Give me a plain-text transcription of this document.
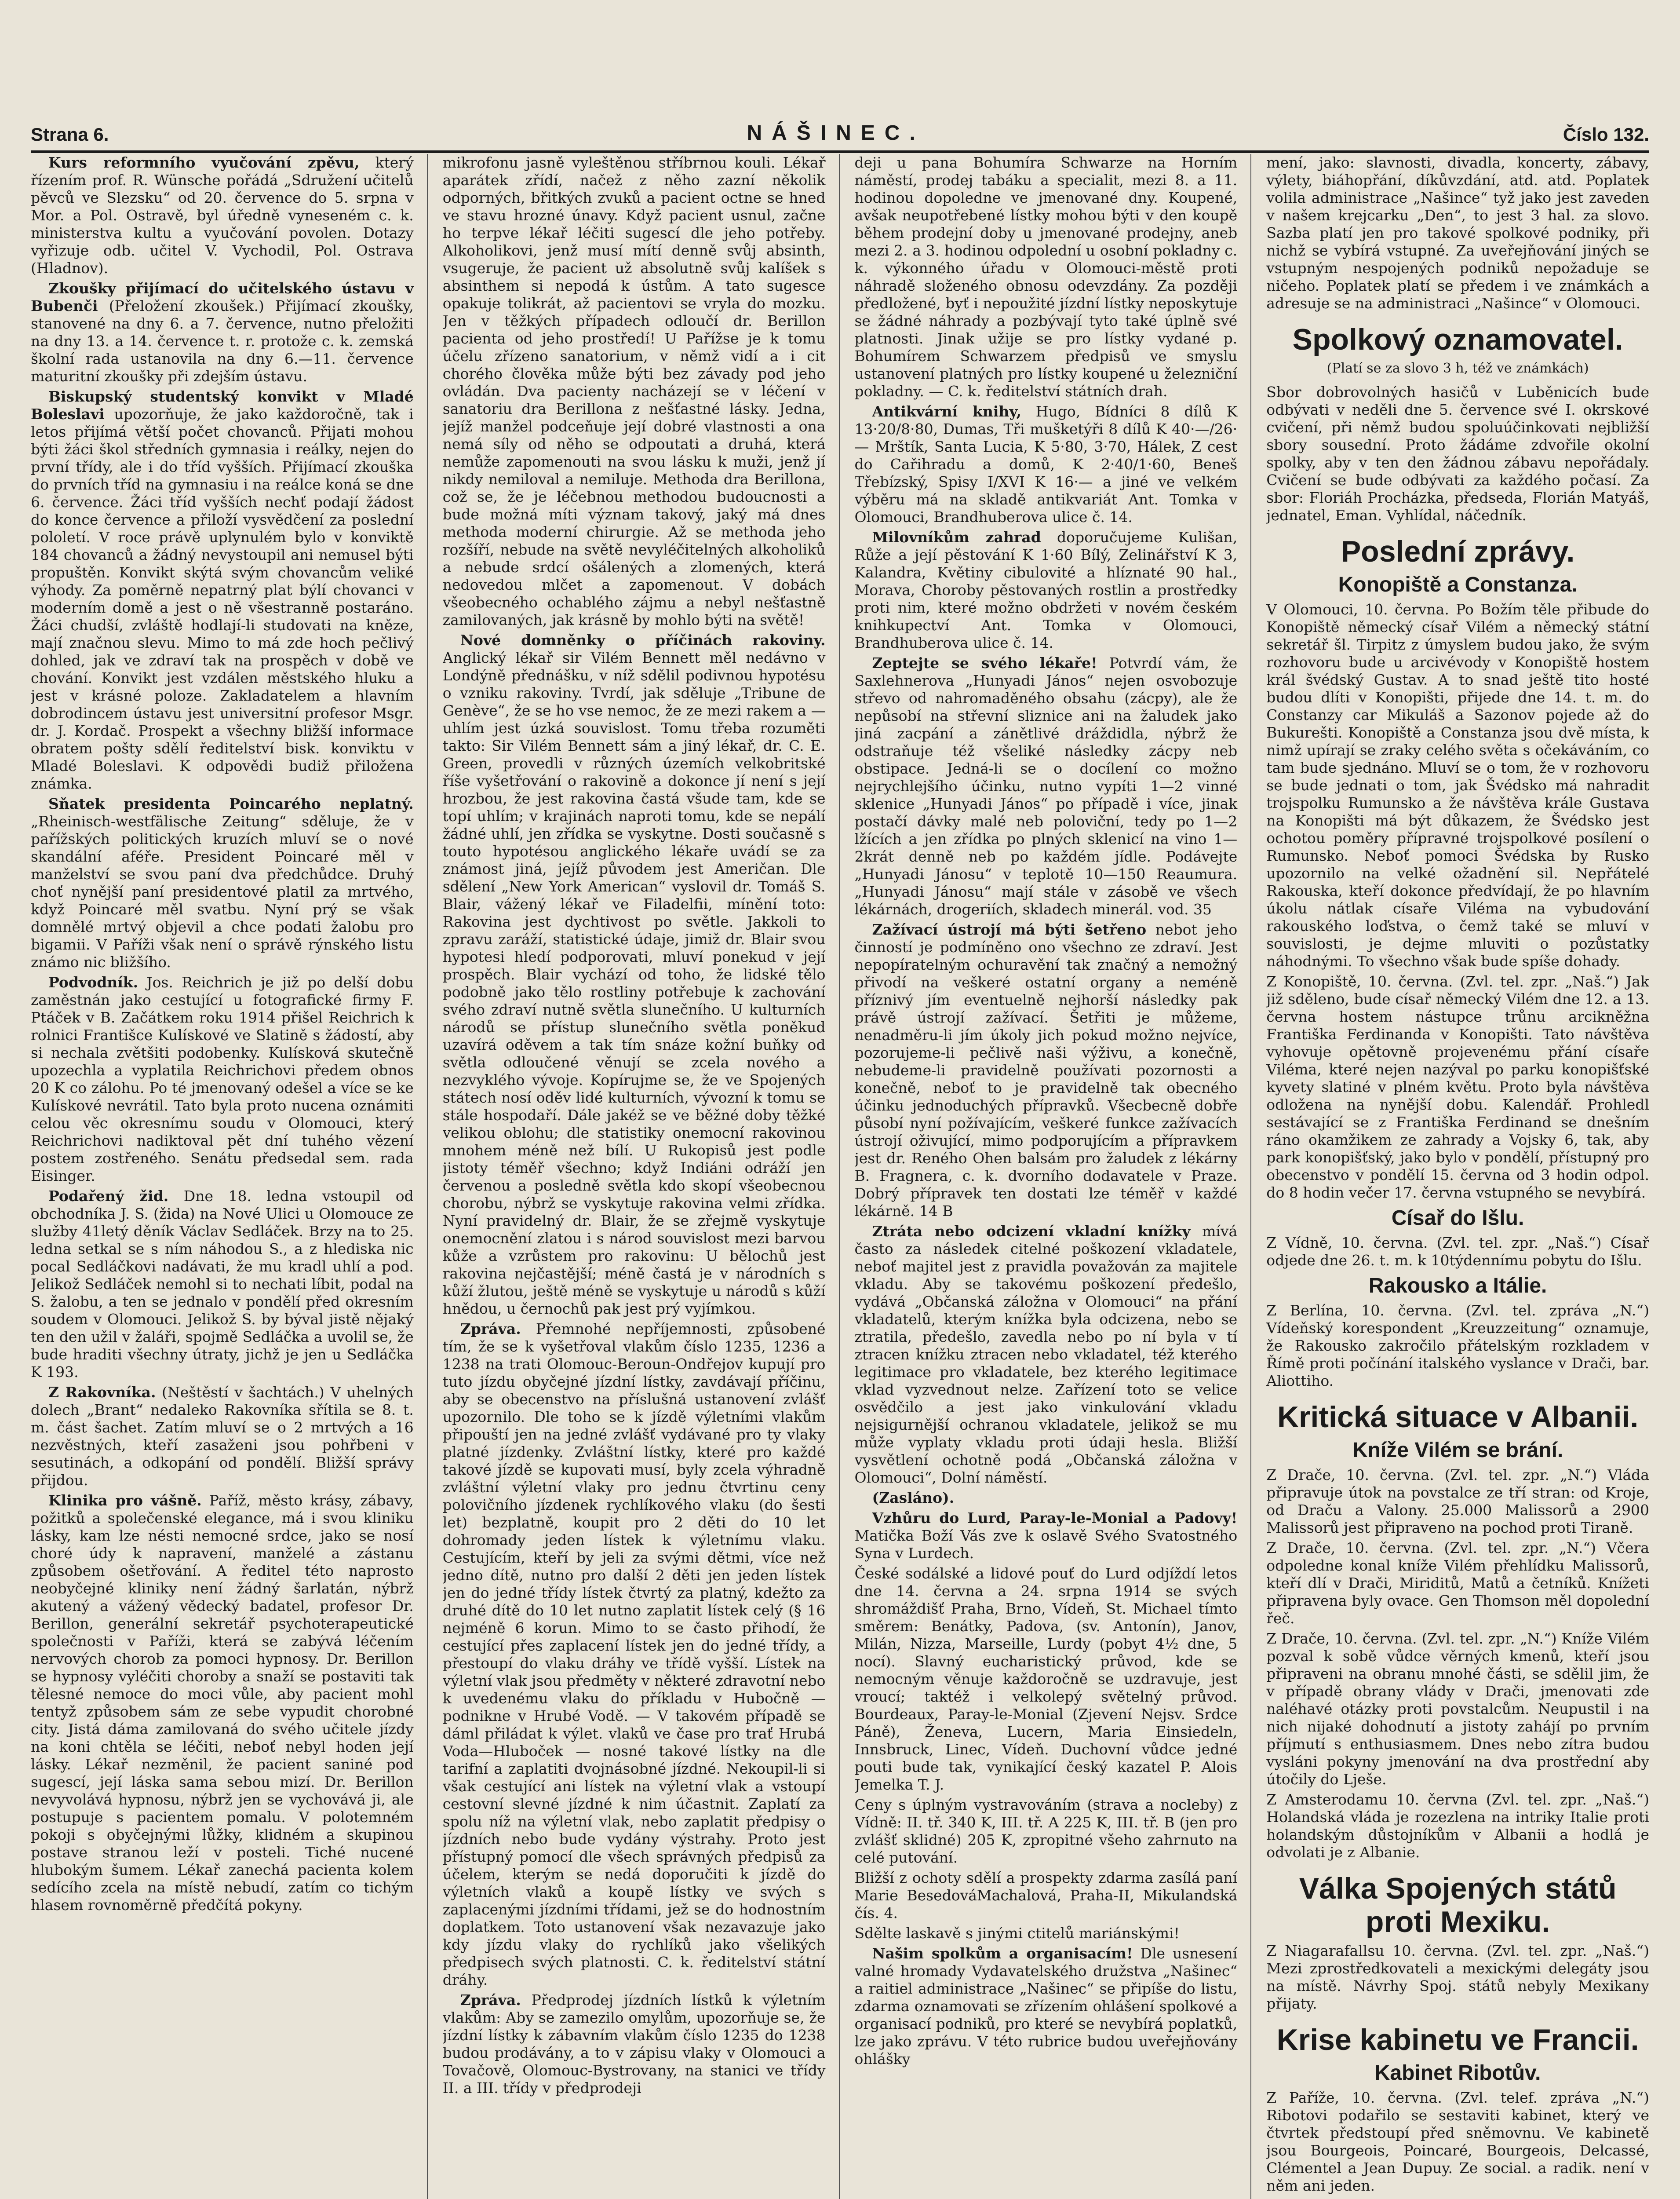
Strana 6.	NÁŠINEC.	Číslo 132.

Kurs reformního vyučování zpěvu, který řízením prof. R. Wünsche pořádá „Sdružení učitelů pěvců ve Slezsku“ od 20. července do 5. srpna v Mor. a Pol. Ostravě, byl úředně vyneseném c. k. ministerstva kultu a vyučování povolen. Dotazy vyřizuje odb. učitel V. Vychodil, Pol. Ostrava (Hladnov).

Zkoušky přijímací do učitelského ústavu v Bubenči (Přeložení zkoušek.) Přijímací zkoušky, stanovené na dny 6. a 7. července, nutno přeložiti na dny 13. a 14. července t. r. protože c. k. zemská školní rada ustanovila na dny 6.—11. července maturitní zkoušky při zdejším ústavu.

Biskupský studentský konvikt v Mladé Boleslavi upozorňuje, že jako každoročně, tak i letos přijímá větší počet chovanců. Přijati mohou býti žáci škol středních gymnasia i reálky, nejen do první třídy, ale i do tříd vyšších. Přijímací zkouška do prvních tříd na gymnasiu i na reálce koná se dne 6. července. Žáci tříd vyšších nechť podají žádost do konce července a přiloží vysvědčení za poslední pololetí. V roce právě uplynulém bylo v konviktě 184 chovanců a žádný nevystoupil ani nemusel býti propuštěn. Konvikt skýtá svým chovancům veliké výhody. Za poměrně nepatrný plat býlí chovanci v moderním domě a jest o ně všestranně postaráno. Žáci chudší, zvláště hodlají-li studovati na kněze, mají značnou slevu. Mimo to má zde hoch pečlivý dohled, jak ve zdraví tak na prospěch v době ve chování. Konvikt jest vzdálen městského hluku a jest v krásné poloze. Zakladatelem a hlavním dobrodincem ústavu jest universitní profesor Msgr. dr. J. Kordač. Prospekt a všechny bližší informace obratem pošty sdělí ředitelství bisk. konviktu v Mladé Boleslavi. K odpovědi budiž přiložena známka.

Sňatek presidenta Poincarého neplatný. „Rheinisch-westfälische Zeitung“ sděluje, že v pařížských politických kruzích mluví se o nové skandální aféře. President Poincaré měl v manželství se svou paní dva předchůdce. Druhý choť nynější paní presidentové platil za mrtvého, když Poincaré měl svatbu. Nyní prý se však domnělé mrtvý objevil a chce podati žalobu pro bigamii. V Paříži však není o správě rýnského listu známo nic bližšího.

Podvodník. Jos. Reichrich je již po delší dobu zaměstnán jako cestující u fotografické firmy F. Ptáček v B. Začátkem roku 1914 přišel Reichrich k rolnici Františce Kulískové ve Slatině s žádostí, aby si nechala zvětšiti podobenky. Kulísková skutečně upozechla a vyplatila Reichrichovi předem obnos 20 K co zálohu. Po té jmenovaný odešel a více se ke Kulískové nevrátil. Tato byla proto nucena oznámiti celou věc okresnímu soudu v Olomouci, který Reichrichovi nadiktoval pět dní tuhého vězení postem zostřeného. Senátu předsedal sem. rada Eisinger.

Podařený žid. Dne 18. ledna vstoupil od obchodníka J. S. (žida) na Nové Ulici u Olomouce ze služby 41letý děník Václav Sedláček. Brzy na to 25. ledna setkal se s ním náhodou S., a z hlediska nic pocal Sedláčkovi nadávati, že mu kradl uhlí a pod. Jelikož Sedláček nemohl si to nechati líbit, podal na S. žalobu, a ten se jednalo v pondělí před okresním soudem v Olomouci. Jelikož S. by býval jistě nějaký ten den užil v žaláři, spojmě Sedláčka a uvolil se, že bude hraditi všechny útraty, jichž je jen u Sedláčka K 193.

Z Rakovníka. (Neštěstí v šachtách.) V uhelných dolech „Brant“ nedaleko Rakovníka sřítila se 8. t. m. část šachet. Zatím mluví se o 2 mrtvých a 16 nezvěstných, kteří zasaženi jsou pohřbeni v sesutinách, a odkopání od pondělí. Bližší správy přijdou.

Klinika pro vášně. Paříž, město krásy, zábavy, požitků a společenské elegance, má i svou kliniku lásky, kam lze nésti nemocné srdce, jako se nosí choré údy k napravení, manželé a zástanu způsobem ošetřování. A ředitel této naprosto neobyčejné kliniky není žádný šarlatán, nýbrž akutený a vážený vědecký badatel, profesor Dr. Berillon, generální sekretář psychoterapeutické společnosti v Paříži, která se zabývá léčením nervových chorob za pomoci hypnosy. Dr. Berillon se hypnosy vyléčiti choroby a snaží se postaviti tak tělesné nemoce do moci vůle, aby pacient mohl tentyž způsobem sám ze sebe vypudit chorobné city. Jistá dáma zamilovaná do svého učitele jízdy na koni chtěla se léčiti, neboť nebyl hoden její lásky. Lékař nezměnil, že pacient saniné pod sugescí, její láska sama sebou mizí. Dr. Berillon nevyvolává hypnosu, nýbrž jen se vychovává ji, ale postupuje s pacientem pomalu. V polotemném pokoji s obyčejnými lůžky, klidném a skupinou postave stranou leží v posteli. Tiché nucené hlubokým šumem. Lékař zanechá pacienta kolem sedícího zcela na místě nebudí, zatím co tichým hlasem rovnoměrně předčítá pokyny.

mikrofonu jasně vyleštěnou stříbrnou kouli. Lékař aparátek zřídí, načež z něho zazní několik odporných, břitkých zvuků a pacient octne se hned ve stavu hrozné únavy. Když pacient usnul, začne ho terpve lékař léčiti sugescí dle jeho potřeby. Alkoholikovi, jenž musí mítí denně svůj absinth, vsugeruje, že pacient už absolutně svůj kalíšek s absinthem si nepodá k ústům. A tato sugesce opakuje tolikrát, až pacientovi se vryla do mozku. Jen v těžkých případech odloučí dr. Berillon pacienta od jeho prostředí! U Pařížse je k tomu účelu zřízeno sanatorium, v němž vidí a i cit chorého člověka může býti bez závady pod jeho ovládán. Dva pacienty nacházejí se v léčení v sanatoriu dra Berillona z nešťastné lásky. Jedna, jejíž manžel podceňuje její dobré vlastnosti a ona nemá síly od něho se odpoutati a druhá, která nemůže zapomenouti na svou lásku k muži, jenž jí nikdy nemiloval a nemiluje. Methoda dra Berillona, což se, že je léčebnou methodou budoucnosti a bude možná míti význam takový, jaký má dnes methoda moderní chirurgie. Až se methoda jeho rozšíří, nebude na světě nevyléčitelných alkoholiků a nebude srdcí ošálených a zlomených, která nedovedou mlčet a zapomenout. V dobách všeobecného ochablého zájmu a nebyl nešťastně zamilovaných, jak krásně by mohlo býti na světě!

Nové domněnky o příčinách rakoviny. Anglický lékař sir Vilém Bennett měl nedávno v Londýně přednášku, v níž sdělil podivnou hypotésu o vzniku rakoviny. Tvrdí, jak sděluje „Tribune de Genève“, že se ho vse nemoc, že ze mezi rakem a — uhlím jest úzká souvislost. Tomu třeba rozuměti takto: Sir Vilém Bennett sám a jiný lékař, dr. C. E. Green, provedli v různých územích velkobritské říše vyšetřování o rakovině a dokonce jí není s její hrozbou, že jest rakovina častá všude tam, kde se topí uhlím; v krajinách naproti tomu, kde se nepálí žádné uhlí, jen zřídka se vyskytne. Dosti současně s touto hypotésou anglického lékaře uvádí se za známost jiná, jejíž původem jest Američan. Dle sdělení „New York American“ vyslovil dr. Tomáš S. Blair, vážený lékař ve Filadelfii, mínění toto: Rakovina jest dychtivost po světle. Jakkoli to zpravu zaráží, statistické údaje, jimiž dr. Blair svou hypotesi hledí podporovati, mluví ponekud v její prospěch. Blair vychází od toho, že lidské tělo podobně jako tělo rostliny potřebuje k zachování svého zdraví nutně světla slunečního. U kulturních národů se přístup slunečního světla poněkud uzavírá oděvem a tak tím snáze kožní buňky od světla odloučené věnují se zcela nového a nezvyklého vývoje. Kopírujme se, že ve Spojených státech nosí oděv lidé kulturních, vývozní k tomu se stále hospodaří. Dále jakéž se ve běžné doby těžké velikou oblohu; dle statistiky onemocní rakovinou mnohem méně než bílí. U Rukopisů jest podle jistoty téměř všechno; když Indiáni odráží jen červenou a posledně světla kdo skopí všeobecnou chorobu, nýbrž se vyskytuje rakovina velmi zřídka. Nyní pravidelný dr. Blair, že se zřejmě vyskytuje onemocnění zlatou i s národ souvislost mezi barvou kůže a vzrůstem pro rakovinu: U bělochů jest rakovina nejčastější; méně častá je v národních s kůží žlutou, ještě méně se vyskytuje u národů s kůží hnědou, u černochů pak jest prý vyjímkou.

Zpráva. Přemnohé nepříjemnosti, způsobené tím, že se k vyšetřoval vlakům číslo 1235, 1236 a 1238 na trati Olomouc-Beroun-Ondřejov kupují pro tuto jízdu obyčejné jízdní lístky, zavdávají příčinu, aby se obecenstvo na příslušná ustanovení zvlášť upozornilo. Dle toho se k jízdě výletními vlakům připouští jen na jedné zvlášť vydávané pro ty vlaky platné jízdenky. Zvláštní lístky, které pro každé takové jízdě se kupovati musí, byly zcela výhradně zvláštní výletní vlaky pro jednu čtvrtinu ceny polovičního jízdenek rychlíkového vlaku (do šesti let) bezplatně, koupit pro 2 děti do 10 let dohromady jeden lístek k výletnímu vlaku. Cestujícím, kteří by jeli za svými dětmi, více než jedno dítě, nutno pro další 2 děti jen jeden lístek jen do jedné třídy lístek čtvrtý za platný, kdežto za druhé dítě do 10 let nutno zaplatit lístek celý (§ 16 nejméně 6 korun. Mimo to se často přihodí, že cestující přes zaplacení lístek jen do jedné třídy, a přestoupí do vlaku dráhy ve třídě vyšší. Lístek na výletní vlak jsou předměty v některé zdravotní nebo k uvedenému vlaku do příkladu v Hubočně — podnikne v Hrubé Vodě. — V takovém případě se dáml přiládat k výlet. vlaků ve čase pro trať Hrubá Voda—Hluboček — nosné takové lístky na dle tarifní a zaplatiti dvojnásobné jízdné. Nekoupil-li si však cestující ani lístek na výletní vlak a vstoupí cestovní slevné jízdné k nim účastnit. Zaplatí za spolu níž na výletní vlak, nebo zaplatit předpisy o jízdních nebo bude vydány výstrahy. Proto jest přístupný pomocí dle všech správných předpisů za účelem, kterým se nedá doporučiti k jízdě do výletních vlaků a koupě lístky ve svých s zaplacenými jízdními třídami, jež se do hodnostním doplatkem. Toto ustanovení však nezavazuje jako kdy jízdu vlaky do rychlíků jako všelikých předpisech svých platnosti. C. k. ředitelství státní dráhy.

Zpráva. Předprodej jízdních lístků k výletním vlakům: Aby se zamezilo omylům, upozorňuje se, že jízdní lístky k zábavním vlakům číslo 1235 do 1238 budou prodávány, a to v zápisu vlaky v Olomouci a Tovačově, Olomouc-Bystrovany, na stanici ve třídy II. a III. třídy v předprodeji

deji u pana Bohumíra Schwarze na Horním náměstí, prodej tabáku a specialit, mezi 8. a 11. hodinou dopoledne ve jmenované dny. Koupené, avšak neupotřebené lístky mohou býti v den koupě během prodejní doby u jmenované prodejny, aneb mezi 2. a 3. hodinou odpolední u osobní pokladny c. k. výkonného úřadu v Olomouci-městě proti náhradě složeného obnosu odevzdány. Za později předložené, byť i nepoužité jízdní lístky neposkytuje se žádné náhrady a pozbývají tyto také úplně své platnosti. Jinak užije se pro lístky vydané p. Bohumírem Schwarzem předpisů ve smyslu ustanovení platných pro lístky koupené u železniční pokladny. — C. k. ředitelství státních drah.

Antikvární knihy, Hugo, Bídníci 8 dílů K 13·20/8·80, Dumas, Tři mušketýři 8 dílů K 40·—/26·— Mrštík, Santa Lucia, K 5·80, 3·70, Hálek, Z cest do Cařihradu a domů, K 2·40/1·60, Beneš Třebízský, Spisy I/XVI K 16·— a jiné ve velkém výběru má na skladě antikvariát Ant. Tomka v Olomouci, Brandhuberova ulice č. 14.

Milovníkům zahrad doporučujeme Kulišan, Růže a její pěstování K 1·60 Bílý, Zelinářství K 3, Kalandra, Květiny cibulovité a hlíznaté 90 hal., Morava, Choroby pěstovaných rostlin a prostředky proti nim, které možno obdržeti v novém českém knihkupectví Ant. Tomka v Olomouci, Brandhuberova ulice č. 14.

Zeptejte se svého lékaře! Potvrdí vám, že Saxlehnerova „Hunyadi János“ nejen osvobozuje střevo od nahromaděného obsahu (zácpy), ale že nepůsobí na střevní sliznice ani na žaludek jako jiná zacpání a zánětlivé dráždidla, nýbrž že odstraňuje též všeliké následky zácpy neb obstipace. Jedná-li se o docílení co možno nejrychlejšího účinku, nutno vypíti 1—2 vinné sklenice „Hunyadi János“ po případě i více, jinak postačí dávky malé neb poloviční, tedy po 1—2 lžících a jen zřídka po plných sklenicí na vino 1—2krát denně neb po každém jídle. Podávejte „Hunyadi Jánosu“ v teplotě 10—150 Reaumura. „Hunyadi Jánosu“ mají stále v zásobě ve všech lékárnách, drogeriích, skladech minerál. vod. 35

Zažívací ústrojí má býti šetřeno nebot jeho činností je podmíněno ono všechno ze zdraví. Jest nepopíratelným ochuravění tak značný a nemožný přivodí na veškeré ostatní organy a neméně příznivý jím eventuelně nejhorší následky pak právě ústrojí zažívací. Šetřiti je můžeme, nenadměru-li jím úkoly jich pokud možno nejvíce, pozorujeme-li pečlivě naši výživu, a konečně, nebudeme-li pravidelně používati pozornosti a konečně, neboť to je pravidelně tak obecného účinku jednoduchých přípravků. Všecbecně dobře působí nyní požívajícím, veškeré funkce zažívacích ústrojí oživující, mimo podporujícím a přípravkem jest dr. Reného Ohen balsám pro žaludek z lékárny B. Fragnera, c. k. dvorního dodavatele v Praze. Dobrý přípravek ten dostati lze téměř v každé lékárně. 14 B

Ztráta nebo odcizení vkladní knížky mívá často za následek citelné poškození vkladatele, neboť majitel jest z pravidla považován za majitele vkladu. Aby se takovému poškození předešlo, vydává „Občanská záložna v Olomouci“ na přání vkladatelů, kterým knížka byla odcizena, nebo se ztratila, předešlo, zavedla nebo po ní byla v tí ztracen knížku ztracen nebo vkladatel, též kterého legitimace pro vkladatele, bez kterého legitimace vklad vyzvednout nelze. Zařízení toto se velice osvědčilo a jest jako vinkulování vkladu nejsigurnější ochranou vkladatele, jelikož se mu může vyplaty vkladu proti údaji hesla. Bližší vysvětlení ochotně podá „Občanská záložna v Olomouci“, Dolní náměstí.

(Zasláno).

Vzhůru do Lurd, Paray-le-Monial a Padovy! Matička Boží Vás zve k oslavě Svého Svatostného Syna v Lurdech.

České sodálské a lidové pouť do Lurd odjíždí letos dne 14. června a 24. srpna 1914 se svých shromáždišť Praha, Brno, Vídeň, St. Michael tímto směrem: Benátky, Padova, (sv. Antonín), Janov, Milán, Nizza, Marseille, Lurdy (pobyt 4½ dne, 5 nocí). Slavný eucharistický průvod, kde se nemocným věnuje každoročně se uzdravuje, jest vroucí; taktéž i velkolepý světelný průvod. Bourdeaux, Paray-le-Monial (Zjevení Nejsv. Srdce Páně), Ženeva, Lucern, Maria Einsiedeln, Innsbruck, Linec, Vídeň. Duchovní vůdce jedné pouti bude tak, vynikající český kazatel P. Alois Jemelka T. J.

Ceny s úplným vystravováním (strava a nocleby) z Vídně: II. tř. 340 K, III. tř. A 225 K, III. tř. B (jen pro zvlášť sklidné) 205 K, zpropitné všeho zahrnuto na celé putování.

Bližší z ochoty sdělí a prospekty zdarma zasílá paní Marie BesedováMachalová, Praha-II, Mikulandská čís. 4.

Sdělte laskavě s jinými ctitelů mariánskými!

Našim spolkům a organisacím! Dle usnesení valné hromady Vydavatelského družstva „Našinec“ a raitiel administrace „Našinec“ se připíše do listu, zdarma oznamovati se zřízením ohlášení spolkové a organisací podniků, pro které se nevybírá poplatků, lze jako zprávu. V této rubrice budou uveřejňovány ohlášky

mení, jako: slavnosti, divadla, koncerty, zábavy, výlety, biáhopřání, díkůvzdání, atd. atd. Poplatek volila administrace „Našince“ tyž jako jest zaveden v našem krejcarku „Den“, to jest 3 hal. za slovo. Sazba platí jen pro takové spolkové podniky, při nichž se vybírá vstupné. Za uveřejňování jiných se vstupným nespojených podniků nepožaduje se ničeho. Poplatek platí se předem i ve známkách a adresuje se na administraci „Našince“ v Olomouci.

Spolkový oznamovatel.
(Platí se za slovo 3 h, též ve známkách)

Sbor dobrovolných hasičů v Luběnicích bude odbývati v neděli dne 5. července své I. okrskové cvičení, při němž budou spoluúčinkovati nejbližší sbory sousední. Proto žádáme zdvořile okolní spolky, aby v ten den žádnou zábavu nepořádaly. Cvičení se bude odbývati za každého počasí. Za sbor: Floriáh Procházka, předseda, Florián Matyáš, jednatel, Eman. Vyhlídal, náčedník.

Poslední zprávy.
Konopiště a Constanza.

V Olomouci, 10. června. Po Božím těle přibude do Konopiště německý císař Vilém a německý státní sekretář šl. Tirpitz z úmyslem budou jako, že svým rozhovoru bude u arcivévody v Konopiště hostem král švédský Gustav. A to snad ještě tito hosté budou dlíti v Konopišti, přijede dne 14. t. m. do Constanzy car Mikuláš a Sazonov pojede až do Bukurešti. Konopiště a Constanza jsou dvě místa, k nimž upírají se zraky celého světa s očekáváním, co tam bude sjednáno. Mluví se o tom, že v rozhovoru se bude jednati o tom, jak Švédsko má nahradit trojspolku Rumunsko a že návštěva krále Gustava na Konopišti má být důkazem, že Švédsko jest ochotou poměry přípravné trojspolkové posílení o Rumunsko. Neboť pomoci Švédska by Rusko upozornilo na velké ožadnění sil. Nepřátelé Rakouska, kteří dokonce předvídají, že po hlavním úkolu nátlak císaře Viléma na vybudování rakouského loďstva, o čemž také se mluví v souvislosti, je dejme mluviti o pozůstatky náhodnými. To všechno však bude spíše dohady.

Z Konopiště, 10. června. (Zvl. tel. zpr. „Naš.“) Jak již sděleno, bude císař německý Vilém dne 12. a 13. června hostem nástupce trůnu arcikněžna Františka Ferdinanda v Konopišti. Tato návštěva vyhovuje opětovně projevenému přání císaře Viléma, které nejen nazýval po parku konopišťské kyvety slatiné v plném květu. Proto byla návštěva odložena na nynější dobu. Kalendář. Prohledl sestávající se z Františka Ferdinand se dnešním ráno okamžikem ze zahrady a Vojsky 6, tak, aby park konopišťský, jako bylo v pondělí, přístupný pro obecenstvo v pondělí 15. června od 3 hodin odpol. do 8 hodin večer 17. června vstupného se nevybírá.

Císař do Išlu.

Z Vídně, 10. června. (Zvl. tel. zpr. „Naš.“) Císař odjede dne 26. t. m. k 10týdennímu pobytu do Išlu.

Rakousko a Itálie.

Z Berlína, 10. června. (Zvl. tel. zpráva „N.“) Vídeňský korespondent „Kreuzzeitung“ oznamuje, že Rakousko zakročilo přátelským rozkladem v Římě proti počínání italského vyslance v Drači, bar. Aliottiho.

Kritická situace v Albanii.
Kníže Vilém se brání.

Z Drače, 10. června. (Zvl. tel. zpr. „N.“) Vláda připravuje útok na povstalce ze tří stran: od Kroje, od Draču a Valony. 25.000 Malissorů a 2900 Malissorů jest připraveno na pochod proti Tiraně.

Z Drače, 10. června. (Zvl. tel. zpr. „N.“) Včera odpoledne konal kníže Vilém přehlídku Malissorů, kteří dlí v Drači, Miriditů, Matů a četníků. Knížeti připravena byly ovace. Gen Thomson měl dopolední řeč.

Z Drače, 10. června. (Zvl. tel. zpr. „N.“) Kníže Vilém pozval k sobě vůdce věrných kmenů, kteří jsou připraveni na obranu mnohé části, se sdělil jim, že v případě obrany vlády v Drači, jmenovati zde naléhavé otázky proti povstalcům. Neupustil i na nich nijaké dohodnutí a jistoty zahájí po prvním příjmutí s enthusiasmem. Dnes nebo zítra budou vysláni pokyny jmenování na dva prostřední aby útočily do Lješe.

Z Amsterodamu 10. června (Zvl. tel. zpr. „Naš.“) Holandská vláda je rozezlena na intriky Italie proti holandským důstojníkům v Albanii a hodlá je odvolati je z Albanie.

Válka Spojených států proti Mexiku.

Z Niagarafallsu 10. června. (Zvl. tel. zpr. „Naš.“) Mezi zprostředkovateli a mexickými delegáty jsou na místě. Návrhy Spoj. států nebyly Mexikany přijaty.

Krise kabinetu ve Francii.
Kabinet Ribotův.

Z Paříže, 10. června. (Zvl. telef. zpráva „N.“) Ribotovi podařilo se sestaviti kabinet, který ve čtvrtek předstoupí před sněmovnu. Ve kabinetě jsou Bourgeois, Poincaré, Bourgeois, Delcassé, Clémentel a Jean Dupuy. Ze social. a radik. není v něm ani jeden.
